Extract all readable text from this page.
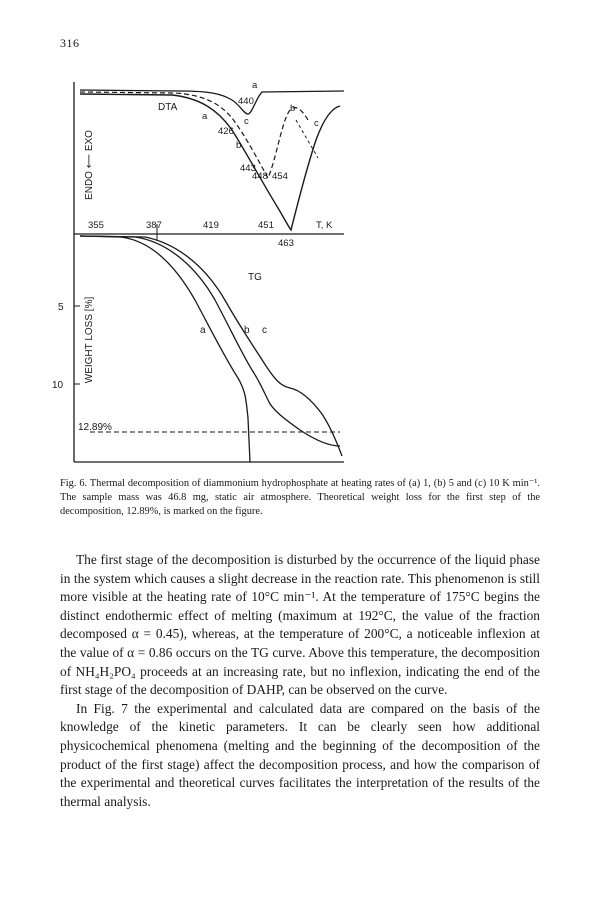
316
ENDO ⟵ EXO
DTA
a
440
b
a	c	c
426
b
443
448 454
463
355	387	419	451	T, K
WEIGHT LOSS [%]
TG
5
10
a	b c
12.89%
Fig. 6. Thermal decomposition of diammonium hydrophosphate at heating rates of (a) 1, (b) 5 and (c) 10 K min⁻¹. The sample mass was 46.8 mg, static air atmosphere. Theoretical weight loss for the first step of the decomposition, 12.89%, is marked on the figure.

The first stage of the decomposition is disturbed by the occurrence of the liquid phase in the system which causes a slight decrease in the reaction rate. This phenomenon is still more visible at the heating rate of 10°C min⁻¹. At the temperature of 175°C begins the distinct endothermic effect of melting (maximum at 192°C, the value of the fraction decomposed α = 0.45), whereas, at the temperature of 200°C, a noticeable inflexion at the value of α = 0.86 occurs on the TG curve. Above this temperature, the decomposition of NH₄H₂PO₄ proceeds at an increasing rate, but no inflexion, indicating the end of the first stage of the decomposition of DAHP, can be observed on the curve.

In Fig. 7 the experimental and calculated data are compared on the basis of the knowledge of the kinetic parameters. It can be clearly seen how additional physicochemical phenomena (melting and the beginning of the decomposition of the product of the first stage) affect the decomposition process, and how the comparison of the experimental and theoretical curves facilitates the interpretation of the results of the thermal analysis.
